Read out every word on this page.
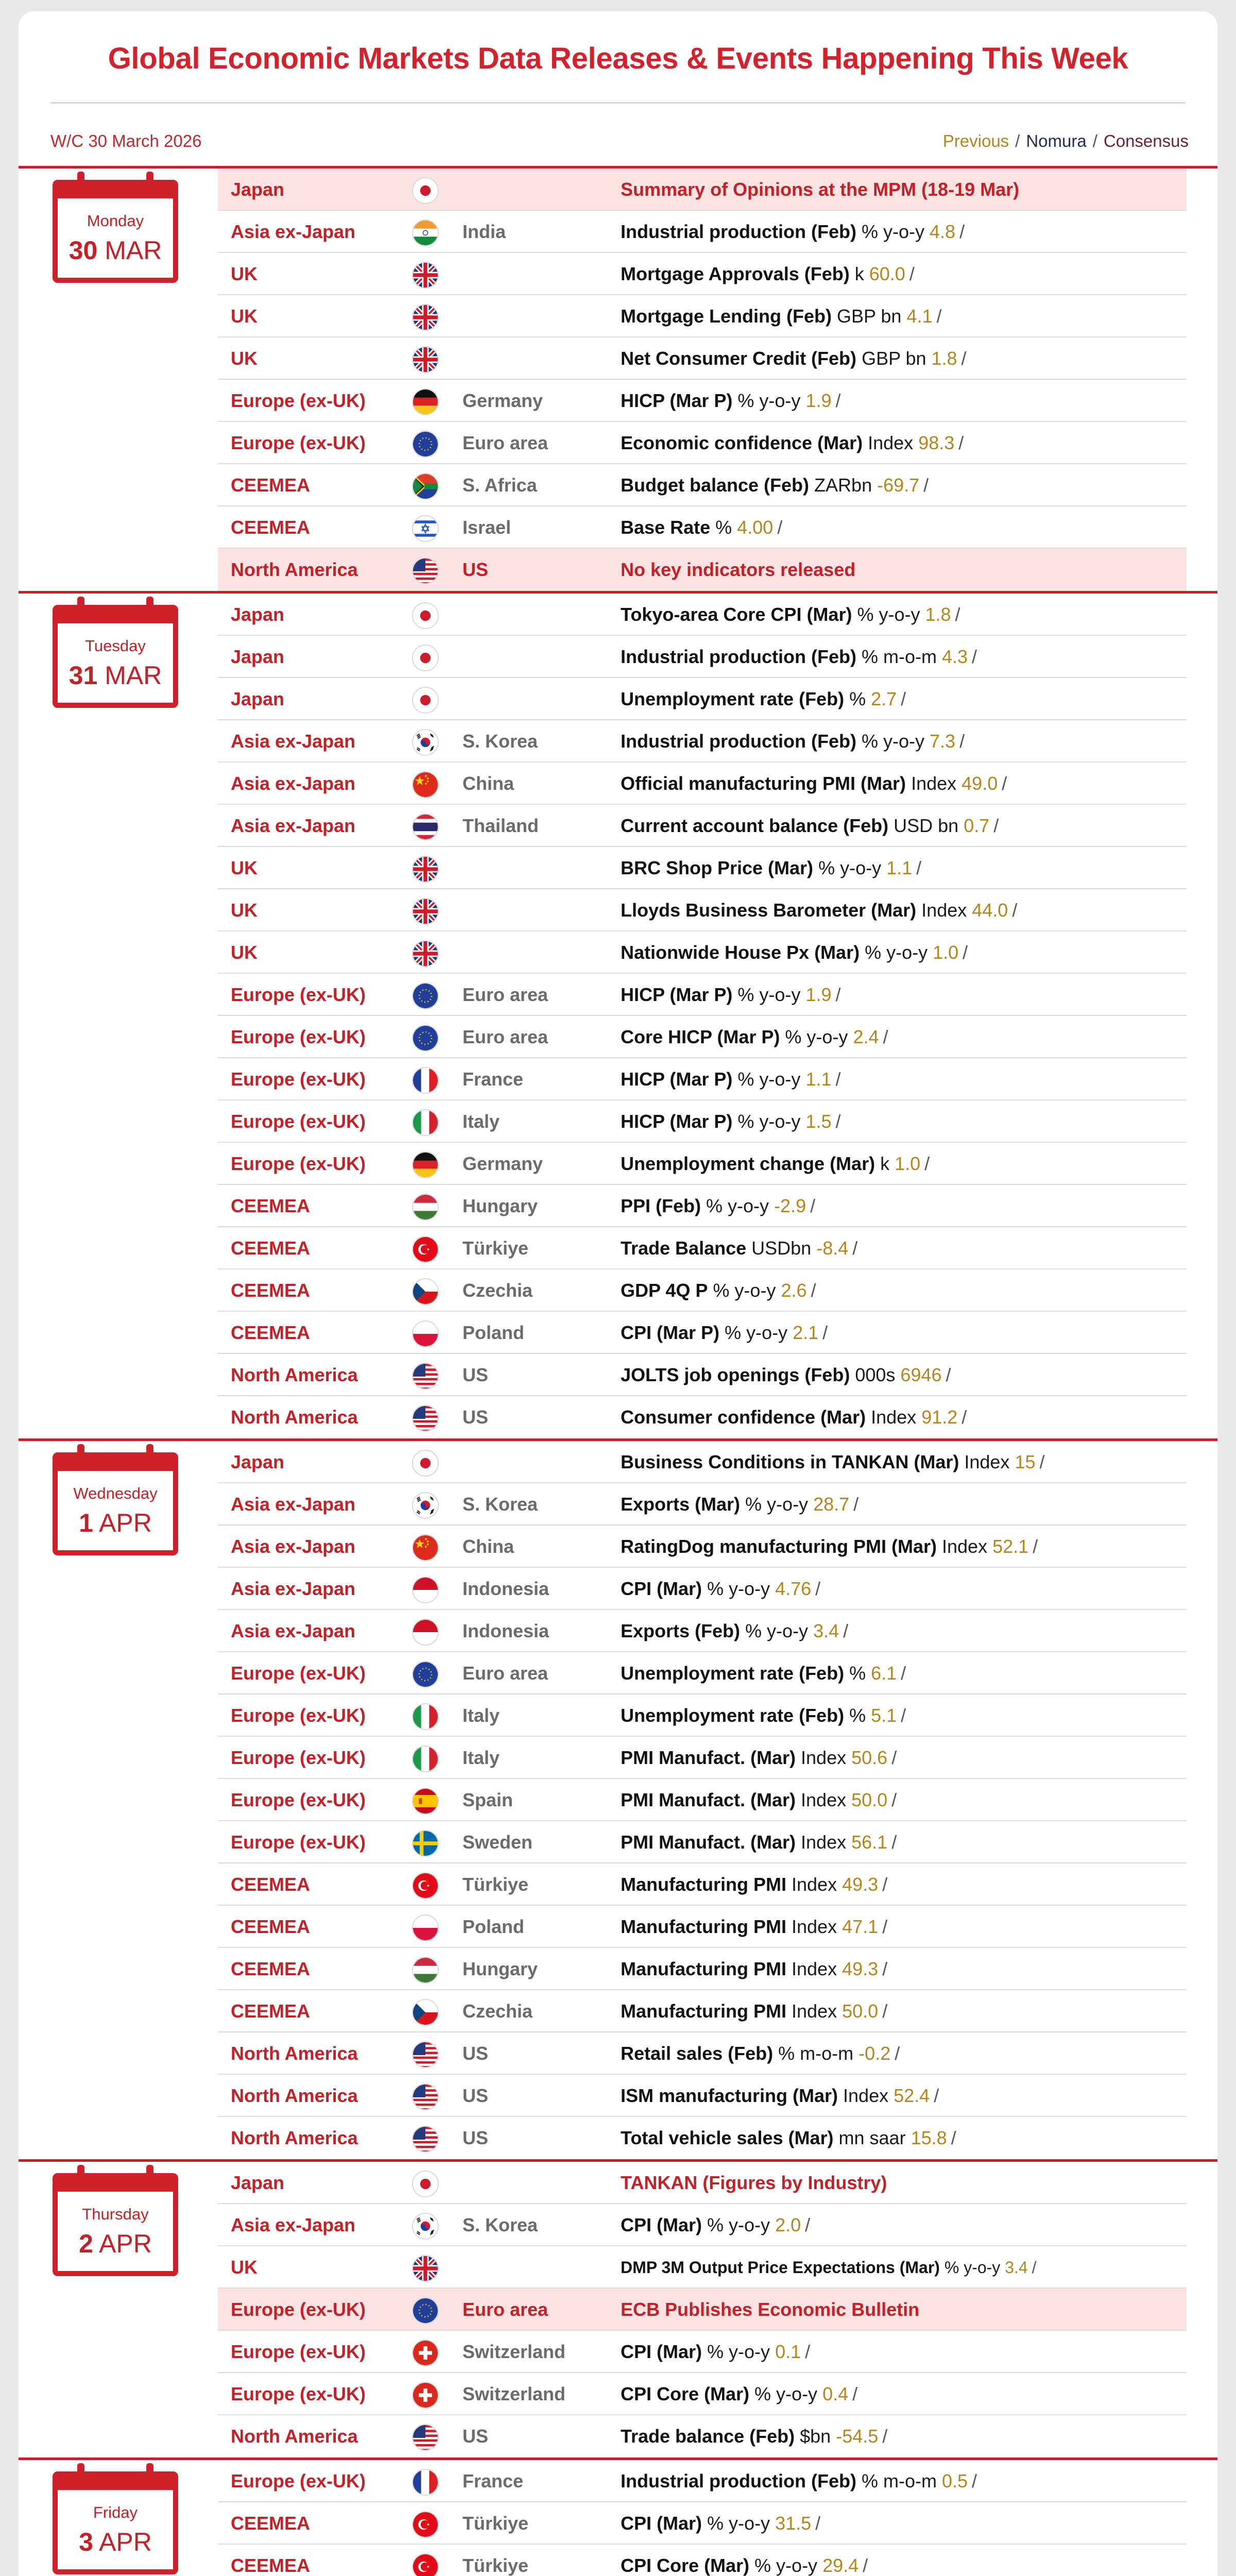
Global Economic Markets Data Releases & Events Happening This Week
W/C 30 March 2026	Previous / Nomura / Consensus
Monday
30 MAR
Japan	Summary of Opinions at the MPM (18-19 Mar)
Asia ex-Japan	India	Industrial production (Feb) % y-o-y 4.8 /
UK	Mortgage Approvals (Feb) k 60.0 /
UK	Mortgage Lending (Feb) GBP bn 4.1 /
UK	Net Consumer Credit (Feb) GBP bn 1.8 /
Europe (ex-UK)	Germany	HICP (Mar P) % y-o-y 1.9 /
Europe (ex-UK)	Euro area	Economic confidence (Mar) Index 98.3 /
CEEMEA	S. Africa	Budget balance (Feb) ZARbn -69.7 /
CEEMEA	Israel	Base Rate % 4.00 /
North America	US	No key indicators released
Tuesday
31 MAR
Japan	Tokyo-area Core CPI (Mar) % y-o-y 1.8 /
Japan	Industrial production (Feb) % m-o-m 4.3 /
Japan	Unemployment rate (Feb) % 2.7 /
Asia ex-Japan	S. Korea	Industrial production (Feb) % y-o-y 7.3 /
Asia ex-Japan	China	Official manufacturing PMI (Mar) Index 49.0 /
Asia ex-Japan	Thailand	Current account balance (Feb) USD bn 0.7 /
UK	BRC Shop Price (Mar) % y-o-y 1.1 /
UK	Lloyds Business Barometer (Mar) Index 44.0 /
UK	Nationwide House Px (Mar) % y-o-y 1.0 /
Europe (ex-UK)	Euro area	HICP (Mar P) % y-o-y 1.9 /
Europe (ex-UK)	Euro area	Core HICP (Mar P) % y-o-y 2.4 /
Europe (ex-UK)	France	HICP (Mar P) % y-o-y 1.1 /
Europe (ex-UK)	Italy	HICP (Mar P) % y-o-y 1.5 /
Europe (ex-UK)	Germany	Unemployment change (Mar) k 1.0 /
CEEMEA	Hungary	PPI (Feb) % y-o-y -2.9 /
CEEMEA	Türkiye	Trade Balance USDbn -8.4 /
CEEMEA	Czechia	GDP 4Q P % y-o-y 2.6 /
CEEMEA	Poland	CPI (Mar P) % y-o-y 2.1 /
North America	US	JOLTS job openings (Feb) 000s 6946 /
North America	US	Consumer confidence (Mar) Index 91.2 /
Wednesday
1 APR
Japan	Business Conditions in TANKAN (Mar) Index 15 /
Asia ex-Japan	S. Korea	Exports (Mar) % y-o-y 28.7 /
Asia ex-Japan	China	RatingDog manufacturing PMI (Mar) Index 52.1 /
Asia ex-Japan	Indonesia	CPI (Mar) % y-o-y 4.76 /
Asia ex-Japan	Indonesia	Exports (Feb) % y-o-y 3.4 /
Europe (ex-UK)	Euro area	Unemployment rate (Feb) % 6.1 /
Europe (ex-UK)	Italy	Unemployment rate (Feb) % 5.1 /
Europe (ex-UK)	Italy	PMI Manufact. (Mar) Index 50.6 /
Europe (ex-UK)	Spain	PMI Manufact. (Mar) Index 50.0 /
Europe (ex-UK)	Sweden	PMI Manufact. (Mar) Index 56.1 /
CEEMEA	Türkiye	Manufacturing PMI Index 49.3 /
CEEMEA	Poland	Manufacturing PMI Index 47.1 /
CEEMEA	Hungary	Manufacturing PMI Index 49.3 /
CEEMEA	Czechia	Manufacturing PMI Index 50.0 /
North America	US	Retail sales (Feb) % m-o-m -0.2 /
North America	US	ISM manufacturing (Mar) Index 52.4 /
North America	US	Total vehicle sales (Mar) mn saar 15.8 /
Thursday
2 APR
Japan	TANKAN (Figures by Industry)
Asia ex-Japan	S. Korea	CPI (Mar) % y-o-y 2.0 /
UK	DMP 3M Output Price Expectations (Mar) % y-o-y 3.4 /
Europe (ex-UK)	Euro area	ECB Publishes Economic Bulletin
Europe (ex-UK)	Switzerland	CPI (Mar) % y-o-y 0.1 /
Europe (ex-UK)	Switzerland	CPI Core (Mar) % y-o-y 0.4 /
North America	US	Trade balance (Feb) $bn -54.5 /
Friday
3 APR
Europe (ex-UK)	France	Industrial production (Feb) % m-o-m 0.5 /
CEEMEA	Türkiye	CPI (Mar) % y-o-y 31.5 /
CEEMEA	Türkiye	CPI Core (Mar) % y-o-y 29.4 /
